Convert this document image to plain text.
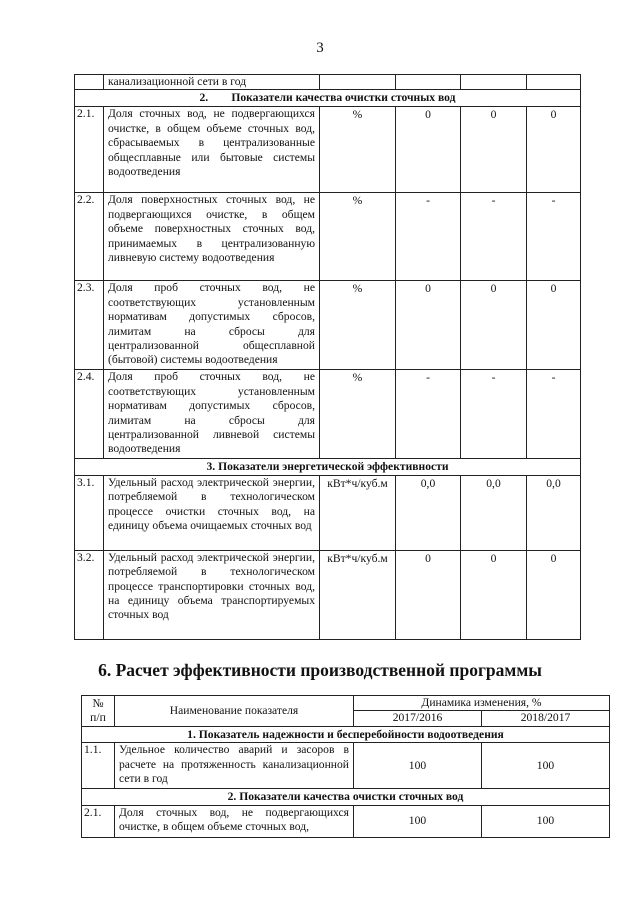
3
	канализационной сети в год				
2.        Показатели качества очистки сточных вод					
2.1.	Доля сточных вод, не подвергающихся очистке, в общем объеме сточных вод, сбрасываемых в централизованные общесплавные или бытовые системы водоотведения	%	0	0	0
2.2.	Доля поверхностных сточных вод, не подвергающихся очистке, в общем объеме поверхностных сточных вод, принимаемых в централизованную ливневую систему водоотведения	%	-	-	-
2.3.	Доля проб сточных вод, не соответствующих установленным нормативам допустимых сбросов, лимитам на сбросы для централизованной общесплавной (бытовой) системы водоотведения	%	0	0	0
2.4.	Доля проб сточных вод, не соответствующих установленным нормативам допустимых сбросов, лимитам на сбросы для централизованной ливневой системы водоотведения	%	-	-	-
3. Показатели энергетической эффективности					
3.1.	Удельный расход электрической энергии, потребляемой в технологическом процессе очистки сточных вод, на единицу объема очищаемых сточных вод	кВт*ч/куб.м	0,0	0,0	0,0
3.2.	Удельный расход электрической энергии, потребляемой в технологическом процессе транспортировки сточных вод, на единицу объема транспортируемых сточных вод	кВт*ч/куб.м	0	0	0
6. Расчет эффективности производственной программы
№
п/п	Наименование показателя	Динамика изменения, %	
		2017/2016	2018/2017
1. Показатель надежности и бесперебойности водоотведения			
1.1.	Удельное количество аварий и засоров в расчете на протяженность канализационной сети в год	100	100
2. Показатели качества очистки сточных вод			
2.1.	Доля сточных вод, не подвергающихся очистке, в общем объеме сточных вод,	100	100
